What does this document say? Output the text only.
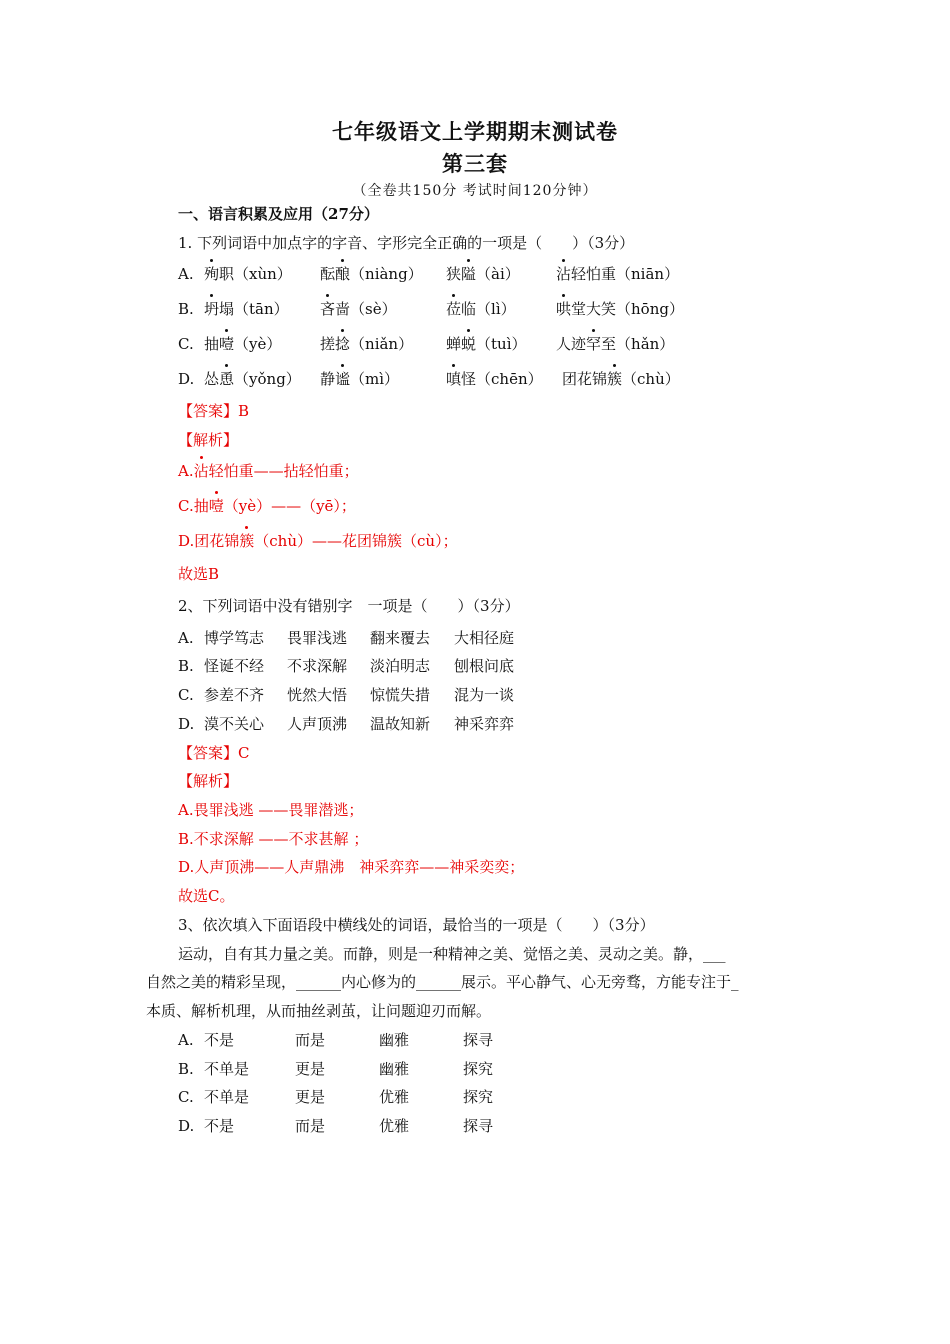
七年级语文上学期期末测试卷
第三套
（全卷共150分 考试时间120分钟）
一、语言积累及应用（27分）
1. 下列词语中加点字的字音、字形完全正确的一项是（　　）（3分）
A. 殉职（xùn） 酝酿（niàng） 狭隘（ài） 沾轻怕重（niān）
B. 坍塌（tān） 吝啬（sè）	莅临（lì）	哄堂大笑（hōng）
C. 抽噎（yè）	搓捻（niǎn） 蝉蜕（tuì） 人迹罕至（hǎn）
D. 怂恿（yǒng） 静谧（mì）	嗔怪（chēn） 团花锦簇（chù）
【答案】B
【解析】
A.沾轻怕重——拈轻怕重；
C.抽噎（yè）——（yē）；
D.团花锦簇（chù）——花团锦簇（cù）；
故选B
2、下列词语中没有错别字　一项是（　　）（3分）
A. 博学笃志 畏罪浅逃 翻来覆去 大相径庭
B. 怪诞不经 不求深解 淡泊明志 刨根问底
C. 参差不齐 恍然大悟 惊慌失措 混为一谈
D. 漠不关心 人声顶沸 温故知新 神采弈弈
【答案】C
【解析】
A.畏罪浅逃 ——畏罪潜逃；
B.不求深解 ——不求甚解 ；
D.人声顶沸——人声鼎沸　神采弈弈——神采奕奕；
故选C。
3、依次填入下面语段中横线处的词语，最恰当的一项是（　　）（3分）
运动，自有其力量之美。而静，则是一种精神之美、觉悟之美、灵动之美。静，___
自然之美的精彩呈现，______内心修为的______展示。平心静气、心无旁骛，方能专注于_
本质、解析机理，从而抽丝剥茧，让问题迎刃而解。
A. 不是	而是	幽雅	探寻
B. 不单是	更是	幽雅	探究
C. 不单是	更是	优雅	探究
D. 不是	而是	优雅	探寻
